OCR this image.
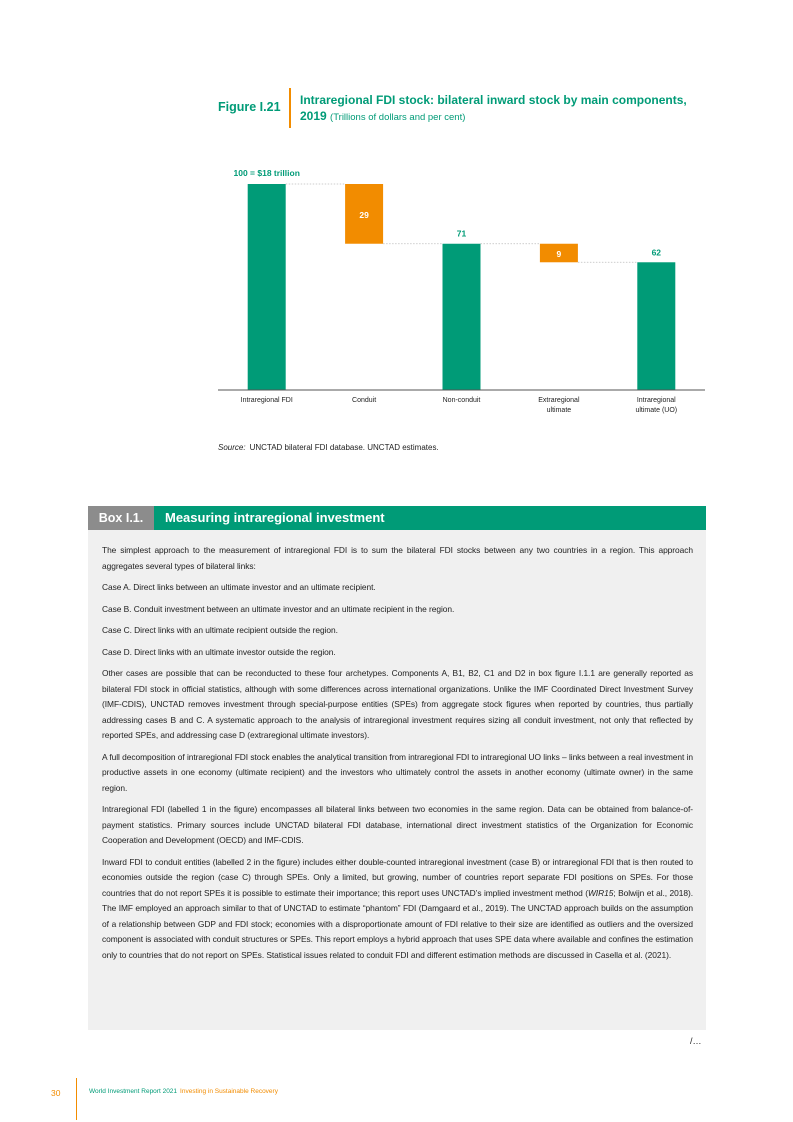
Figure I.21 Intraregional FDI stock: bilateral inward stock by main components,
2019 (Trillions of dollars and per cent)
100 = $18 trillion
29
71
9	62
Intraregional FDI	Conduit	Non-conduit	Extraregional
ultimate
Intraregional
ultimate (UO)
Source: UNCTAD bilateral FDI database. UNCTAD estimates.
Box I.1.	Measuring intraregional investment

The simplest approach to the measurement of intraregional FDI is to sum the bilateral FDI stocks between any two countries in a region. This approach aggregates several types of bilateral links:

Case A. Direct links between an ultimate investor and an ultimate recipient.

Case B. Conduit investment between an ultimate investor and an ultimate recipient in the region.

Case C. Direct links with an ultimate recipient outside the region.

Case D. Direct links with an ultimate investor outside the region.

Other cases are possible that can be reconducted to these four archetypes. Components A, B1, B2, C1 and D2 in box figure I.1.1 are generally reported as bilateral FDI stock in official statistics, although with some differences across international organizations. Unlike the IMF Coordinated Direct Investment Survey (IMF-CDIS), UNCTAD removes investment through special-purpose entities (SPEs) from aggregate stock figures when reported by countries, thus partially addressing cases B and C. A systematic approach to the analysis of intraregional investment requires sizing all conduit investment, not only that reflected by reported SPEs, and addressing case D (extraregional ultimate investors).

A full decomposition of intraregional FDI stock enables the analytical transition from intraregional FDI to intraregional UO links – links between a real investment in productive assets in one economy (ultimate recipient) and the investors who ultimately control the assets in another economy (ultimate owner) in the same region.

Intraregional FDI (labelled 1 in the figure) encompasses all bilateral links between two economies in the same region. Data can be obtained from balance-of-payment statistics. Primary sources include UNCTAD bilateral FDI database, international direct investment statistics of the Organization for Economic Cooperation and Development (OECD) and IMF-CDIS.

Inward FDI to conduit entities (labelled 2 in the figure) includes either double-counted intraregional investment (case B) or intraregional FDI that is then routed to economies outside the region (case C) through SPEs. Only a limited, but growing, number of countries report separate FDI positions on SPEs. For those countries that do not report SPEs it is possible to estimate their importance; this report uses UNCTAD’s implied investment method (WIR15; Bolwijn et al., 2018). The IMF employed an approach similar to that of UNCTAD to estimate “phantom” FDI (Damgaard et al., 2019). The UNCTAD approach builds on the assumption of a relationship between GDP and FDI stock; economies with a disproportionate amount of FDI relative to their size are identified as outliers and the oversized component is associated with conduit structures or SPEs. This report employs a hybrid approach that uses SPE data where available and confines the estimation only to countries that do not report on SPEs. Statistical issues related to conduit FDI and different estimation methods are discussed in Casella et al. (2021).

/…
30	World Investment Report 2021 Investing in Sustainable Recovery
